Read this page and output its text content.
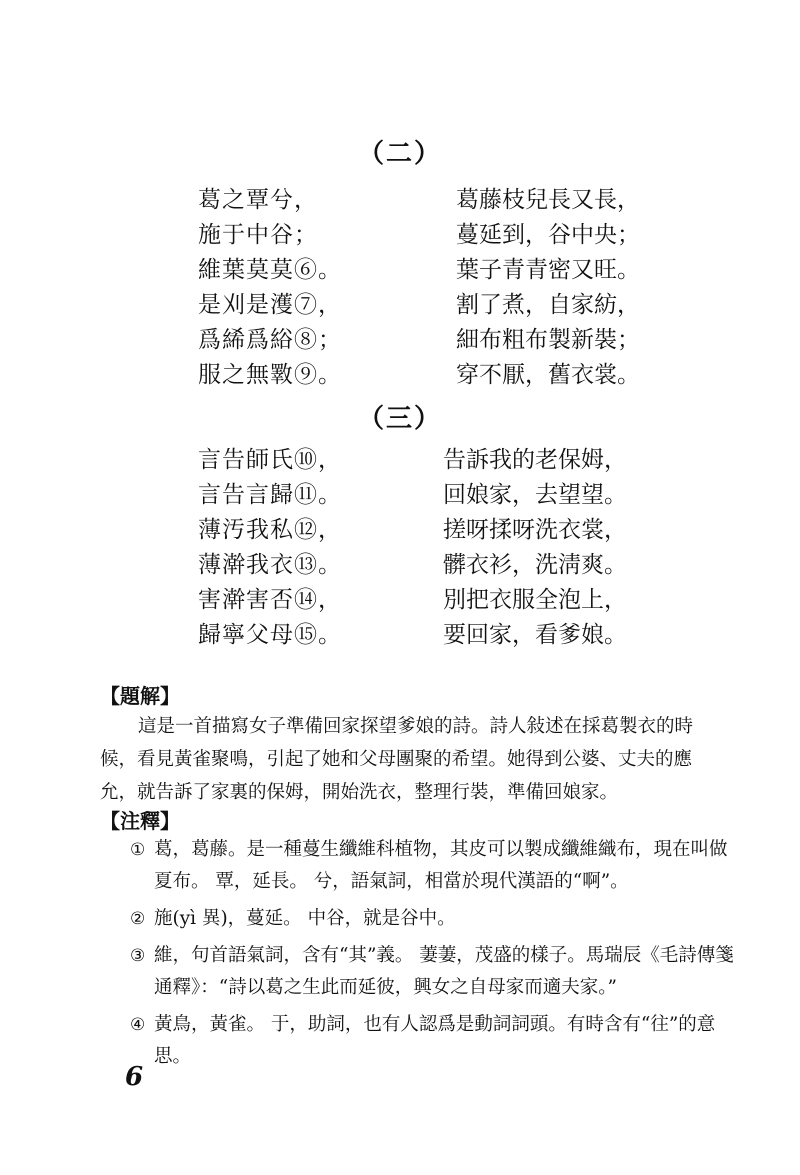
（二）
葛之覃兮，
施于中谷；
維葉莫莫⑥。
是刈是濩⑦，
爲絺爲綌⑧；
服之無斁⑨。
葛藤枝兒長又長，
蔓延到，谷中央；
葉子青青密又旺。
割了煮，自家紡，
細布粗布製新裝；
穿不厭，舊衣裳。
（三）
言告師氏⑩，
言告言歸⑪。
薄汚我私⑫，
薄澣我衣⑬。
害澣害否⑭，
歸寧父母⑮。
告訴我的老保姆，
回娘家，去望望。
搓呀揉呀洗衣裳，
髒衣衫，洗淸爽。
別把衣服全泡上，
要回家，看爹娘。
【題解】
這是一首描寫女子準備回家探望爹娘的詩。詩人敍述在採葛製衣的時候，看見黃雀聚鳴，引起了她和父母團聚的希望。她得到公婆、丈夫的應允，就告訴了家裏的保姆，開始洗衣，整理行裝，準備回娘家。
【注釋】
① 葛，葛藤。是一種蔓生纖維科植物，其皮可以製成纖維織布，現在叫做夏布。 覃，延長。 兮，語氣詞，相當於現代漢語的“啊”。
② 施(yì 異)，蔓延。 中谷，就是谷中。
③ 維，句首語氣詞，含有“其”義。 萋萋，茂盛的樣子。馬瑞辰《毛詩傳箋通釋》：“詩以葛之生此而延彼，興女之自母家而適夫家。”
④ 黃鳥，黃雀。 于，助詞，也有人認爲是動詞詞頭。有時含有“往”的意思。
6
